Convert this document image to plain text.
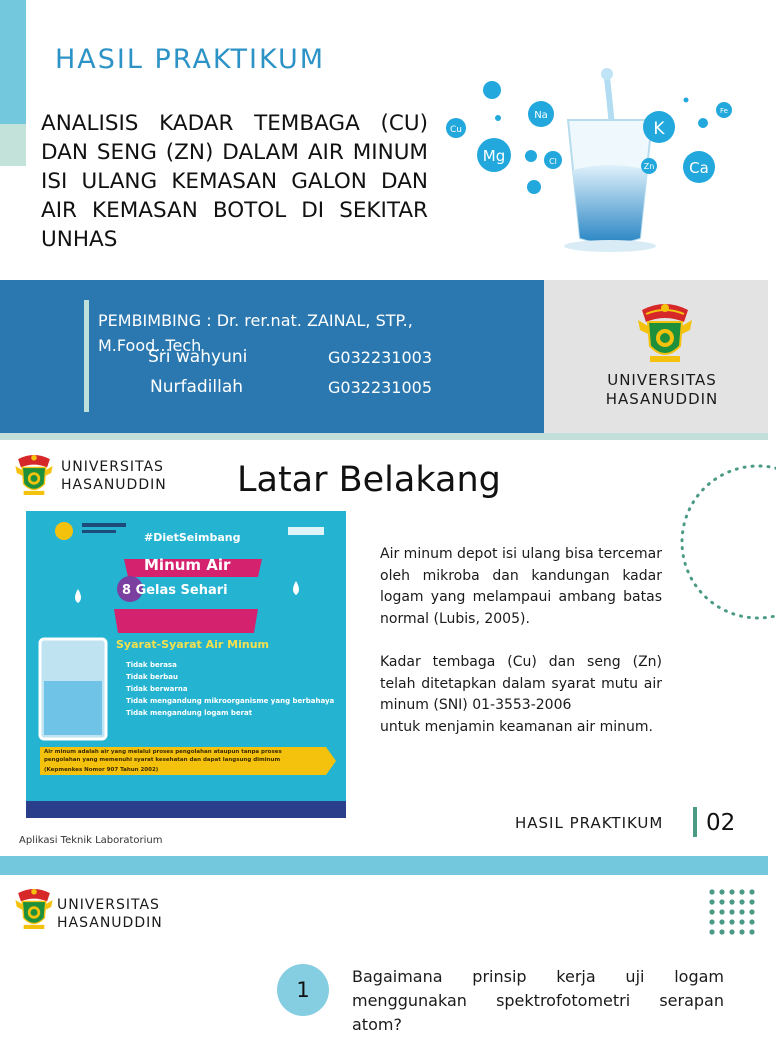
HASIL PRAKTIKUM
ANALISIS KADAR TEMBAGA (CU) DAN SENG (ZN) DALAM AIR MINUM ISI ULANG KEMASAN GALON DAN AIR KEMASAN BOTOL DI SEKITAR UNHAS
Cu
Mg
Na
Cl
K
Zn Ca
Fe
PEMBIMBING : Dr. rer.nat. ZAINAL, STP., M.Food..Tech
Sri wahyuni	G032231003
Nurfadillah	G032231005	UNIVERSITAS
HASANUDDIN
UNIVERSITAS
HASANUDDIN Latar Belakang
#DietSeimbang
Minum Air
8 Gelas Sehari
Syarat-Syarat Air Minum
Tidak berasa
Tidak berbau
Tidak berwarna
Tidak mengandung mikroorganisme yang berbahaya
Tidak mengandung logam berat
Air minum adalah air yang melalui proses pengolahan ataupun tanpa proses pengolahan yang memenuhi syarat kesehatan dan dapat langsung diminum
(Kepmenkes Nomor 907 Tahun 2002)
Aplikasi Teknik Laboratorium
Air minum depot isi ulang bisa tercemar oleh mikroba dan kandungan kadar logam yang melampaui ambang batas normal (Lubis, 2005).
Kadar tembaga (Cu) dan seng (Zn) telah ditetapkan dalam syarat mutu air minum (SNI) 01-3553-2006
untuk menjamin keamanan air minum.
HASIL PRAKTIKUM 02
UNIVERSITAS
HASANUDDIN
1
Bagaimana prinsip kerja uji logam menggunakan spektrofotometri serapan atom?
